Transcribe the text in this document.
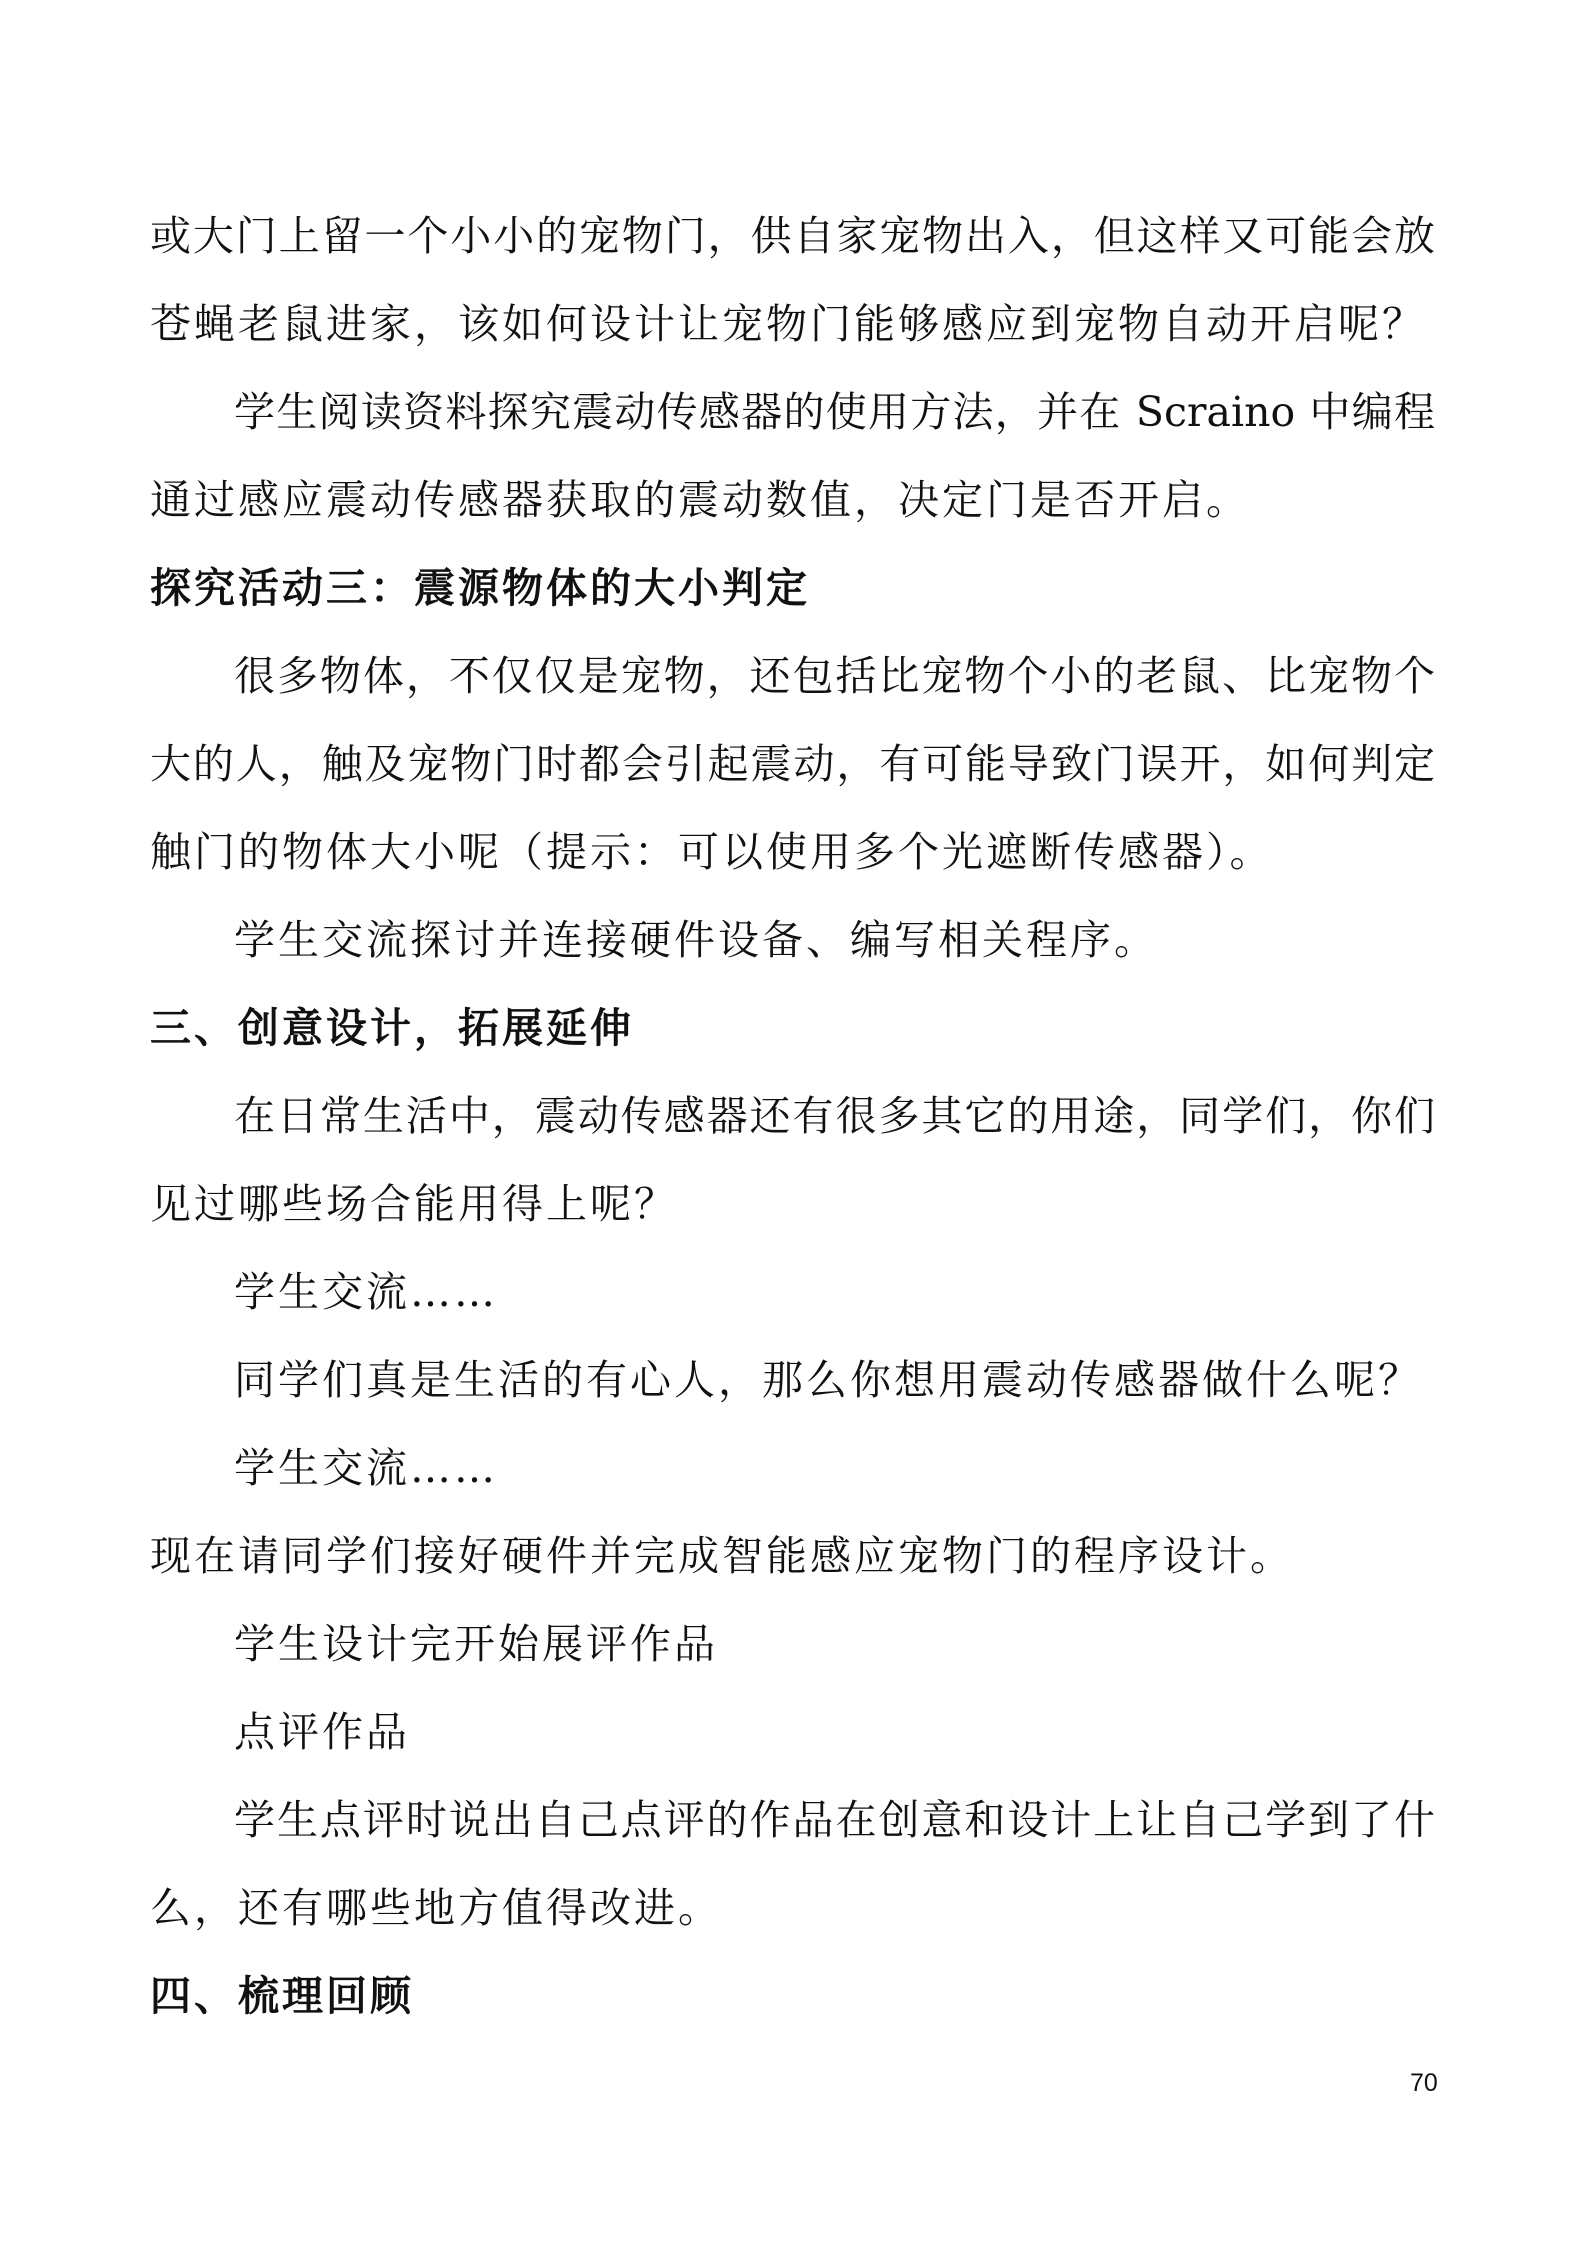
或大门上留一个小小的宠物门，供自家宠物出入，但这样又可能会放
苍蝇老鼠进家，该如何设计让宠物门能够感应到宠物自动开启呢？
学生阅读资料探究震动传感器的使用方法，并在 Scraino 中编程
通过感应震动传感器获取的震动数值，决定门是否开启。
探究活动三：震源物体的大小判定
很多物体，不仅仅是宠物，还包括比宠物个小的老鼠、比宠物个
大的人，触及宠物门时都会引起震动，有可能导致门误开，如何判定
触门的物体大小呢（提示：可以使用多个光遮断传感器）。
学生交流探讨并连接硬件设备、编写相关程序。
三、创意设计，拓展延伸
在日常生活中，震动传感器还有很多其它的用途，同学们，你们
见过哪些场合能用得上呢？
学生交流……
同学们真是生活的有心人，那么你想用震动传感器做什么呢？
学生交流……
现在请同学们接好硬件并完成智能感应宠物门的程序设计。
学生设计完开始展评作品
点评作品
学生点评时说出自己点评的作品在创意和设计上让自己学到了什
么，还有哪些地方值得改进。
四、梳理回顾
70
